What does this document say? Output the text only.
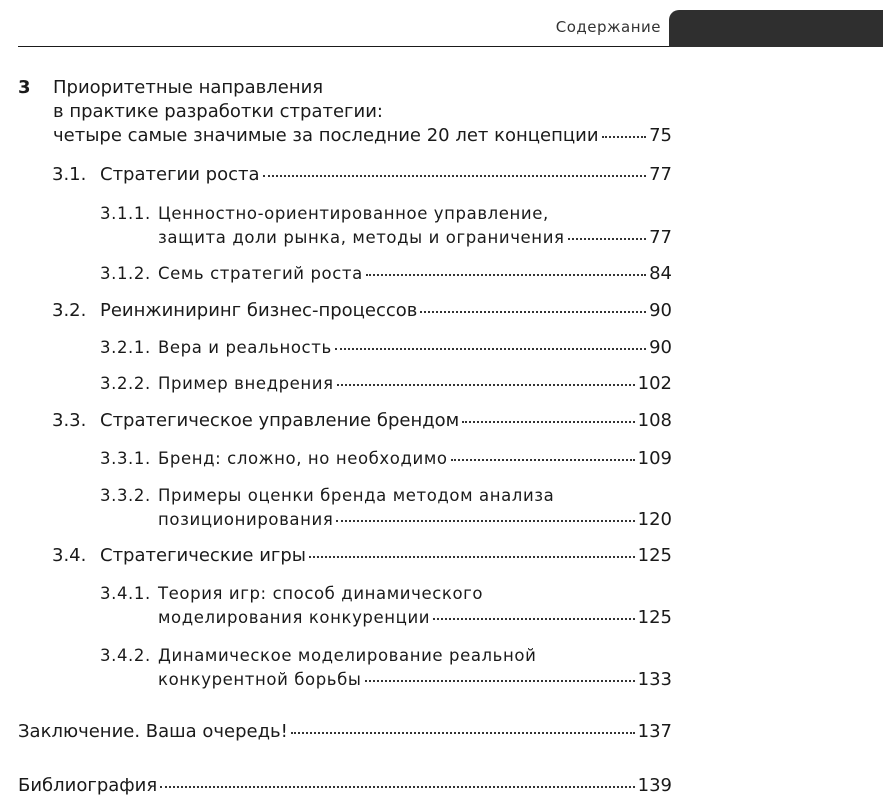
Содержание
3 Приоритетные направления
в практике разработки стратегии:
четыре самые значимые за последние 20 лет концепции	75
3.1. Стратегии роста	77
3.1.1. Ценностно-ориентированное управление,
защита доли рынка, методы и ограничения	77
3.1.2. Семь стратегий роста	84
3.2. Реинжиниринг бизнес-процессов	90
3.2.1. Вера и реальность	90
3.2.2. Пример внедрения	102
3.3. Стратегическое управление брендом	108
3.3.1. Бренд: сложно, но необходимо	109
3.3.2. Примеры оценки бренда методом анализа
позиционирования	120
3.4. Стратегические игры	125
3.4.1. Теория игр: способ динамического
моделирования конкуренции	125
3.4.2. Динамическое моделирование реальной
конкурентной борьбы	133
Заключение. Ваша очередь!	137
Библиография	139
